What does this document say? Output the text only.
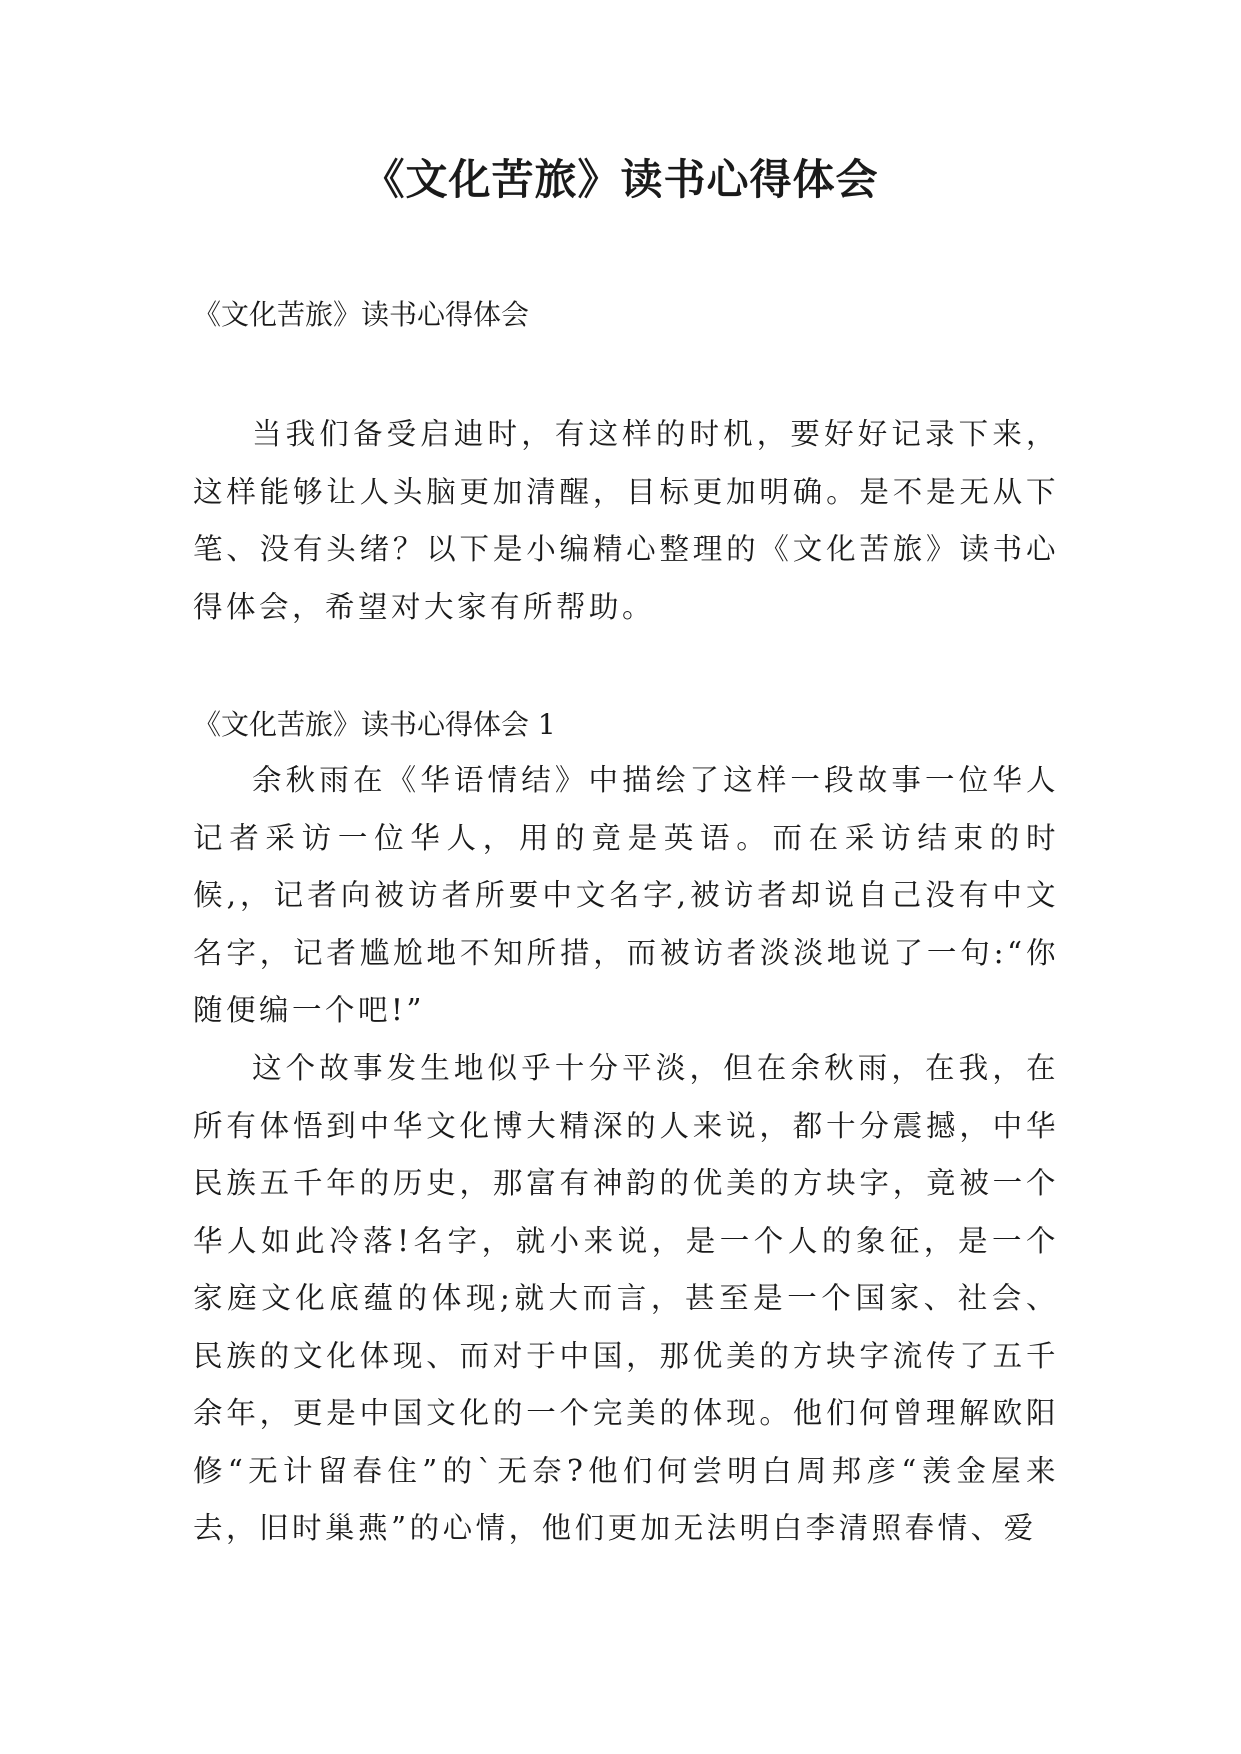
《文化苦旅》读书心得体会

《文化苦旅》读书心得体会

当我们备受启迪时，有这样的时机，要好好记录下来，这样能够让人头脑更加清醒，目标更加明确。是不是无从下笔、没有头绪？以下是小编精心整理的《文化苦旅》读书心得体会，希望对大家有所帮助。

《文化苦旅》读书心得体会 1

余秋雨在《华语情结》中描绘了这样一段故事一位华人记者采访一位华人，用的竟是英语。而在采访结束的时候,，记者向被访者所要中文名字,被访者却说自己没有中文名字，记者尴尬地不知所措，而被访者淡淡地说了一句:“你随便编一个吧!”

这个故事发生地似乎十分平淡，但在余秋雨，在我，在所有体悟到中华文化博大精深的人来说，都十分震撼，中华民族五千年的历史，那富有神韵的优美的方块字，竟被一个华人如此冷落!名字，就小来说，是一个人的象征，是一个家庭文化底蕴的体现;就大而言，甚至是一个国家、社会、民族的文化体现、而对于中国，那优美的方块字流传了五千余年，更是中国文化的一个完美的体现。他们何曾理解欧阳修“无计留春住”的`无奈?他们何尝明白周邦彦“羡金屋来去，旧时巢燕”的心情，他们更加无法明白李清照春情、爱
